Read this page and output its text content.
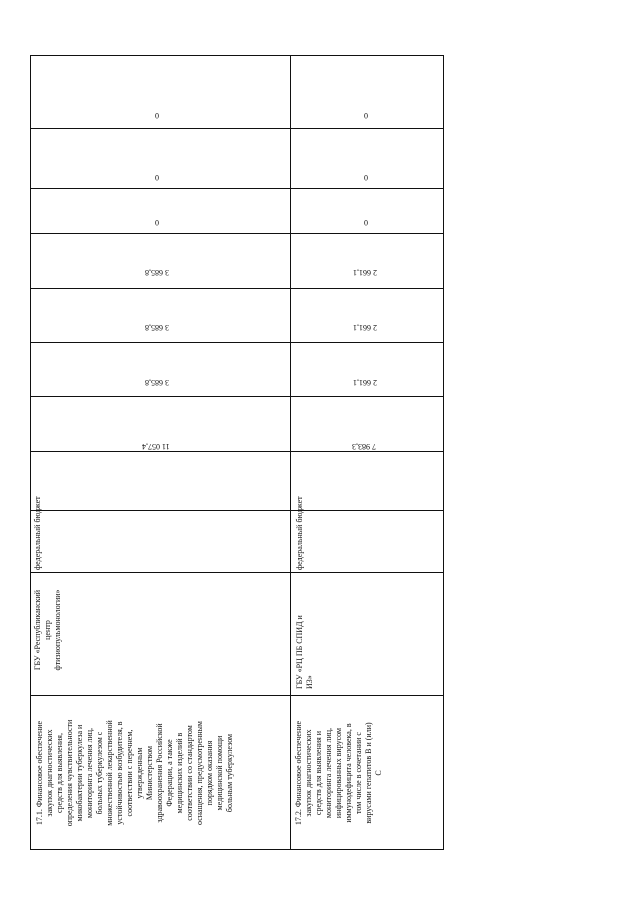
0
0
0
3 685,8
3 685,8
3 685,8
11 057,4
федеральный бюджет
ГБУ «Республиканский центр фтизиопульмонологии»
17.1. Финансовое обеспечение закупок диагностических средств для выявления, определения чувствительности микобактерии туберкулеза и мониторинга лечения лиц, больных туберкулезом с множественной лекарственной устойчивостью возбудителя, в соответствии с перечнем, утвержденным Министерством здравоохранения Российской Федерации, а также медицинских изделий в соответствии со стандартом оснащения, предусмотренным порядком оказания медицинской помощи больным туберкулезом
0
0
0
2 661,1
2 661,1
2 661,1
7 983,3
федеральный бюджет
ГБУ «РЦ ПБ СПИД и ИЗ»
17.2. Финансовое обеспечение закупок диагностических средств для выявления и мониторинга лечения лиц, инфицированных вирусом иммунодефицита человека, в том числе в сочетании с вирусами гепатитов В и (или) С
